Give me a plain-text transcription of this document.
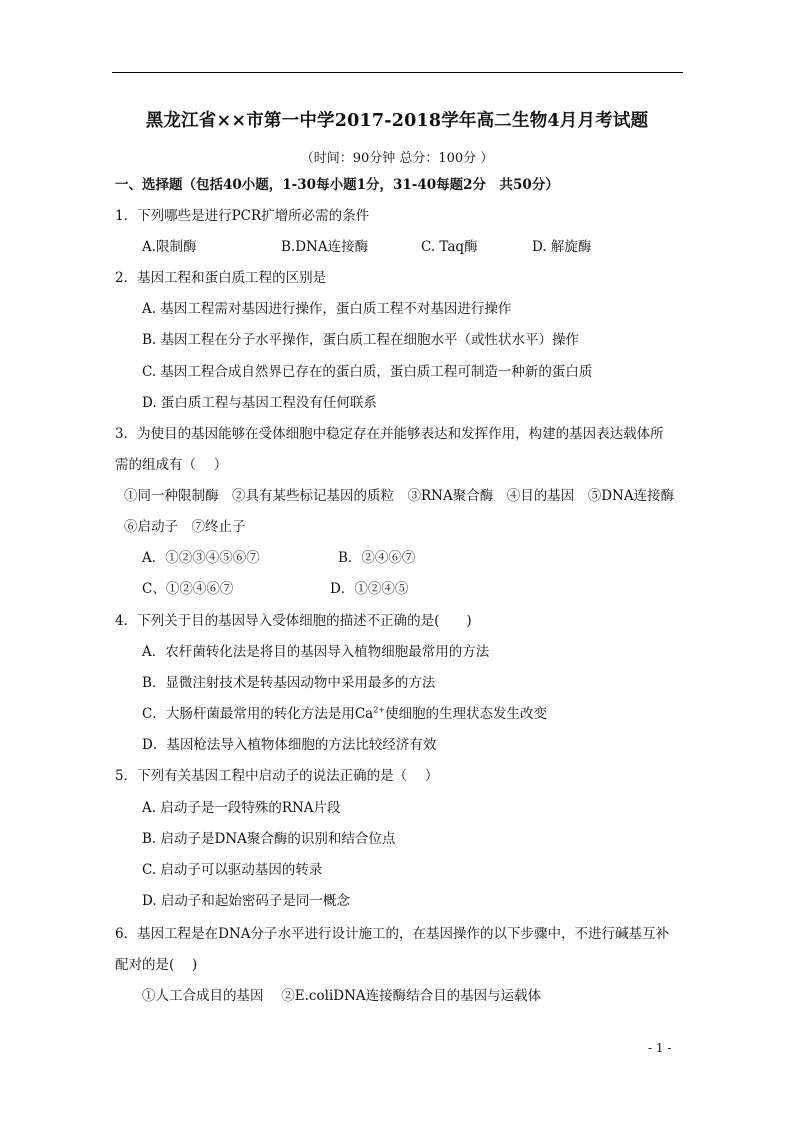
黑龙江省××市第一中学2017-2018学年高二生物4月月考试题
（时间：90分钟 总分：100分 ）
一、选择题（包括40小题，1-30每小题1分，31-40每题2分　共50分）
1．下列哪些是进行PCR扩增所必需的条件
A.限制酶	B.DNA连接酶	C. Taq酶	D. 解旋酶
2．基因工程和蛋白质工程的区别是
A. 基因工程需对基因进行操作，蛋白质工程不对基因进行操作
B. 基因工程在分子水平操作，蛋白质工程在细胞水平（或性状水平）操作
C. 基因工程合成自然界已存在的蛋白质，蛋白质工程可制造一种新的蛋白质
D. 蛋白质工程与基因工程没有任何联系
3．为使目的基因能够在受体细胞中稳定存在并能够表达和发挥作用，构建的基因表达载体所
需的组成有（　 ）
①同一种限制酶　②具有某些标记基因的质粒　③RNA聚合酶　④目的基因　⑤DNA连接酶
⑥启动子　⑦终止子
A．①②③④⑤⑥⑦	B．②④⑥⑦
C、①②④⑥⑦	D．①②④⑤
4．下列关于目的基因导入受体细胞的描述不正确的是(　　)
A．农杆菌转化法是将目的基因导入植物细胞最常用的方法
B．显微注射技术是转基因动物中采用最多的方法
C．大肠杆菌最常用的转化方法是用$Ca^{2+}$使细胞的生理状态发生改变
D．基因枪法导入植物体细胞的方法比较经济有效
5．下列有关基因工程中启动子的说法正确的是（　 ）
A. 启动子是一段特殊的RNA片段
B. 启动子是DNA聚合酶的识别和结合位点
C. 启动子可以驱动基因的转录
D. 启动子和起始密码子是同一概念
6．基因工程是在DNA分子水平进行设计施工的，在基因操作的以下步骤中，不进行碱基互补
配对的是(　 )
①人工合成目的基因　 ②E.coliDNA连接酶结合目的基因与运载体
- 1 -
